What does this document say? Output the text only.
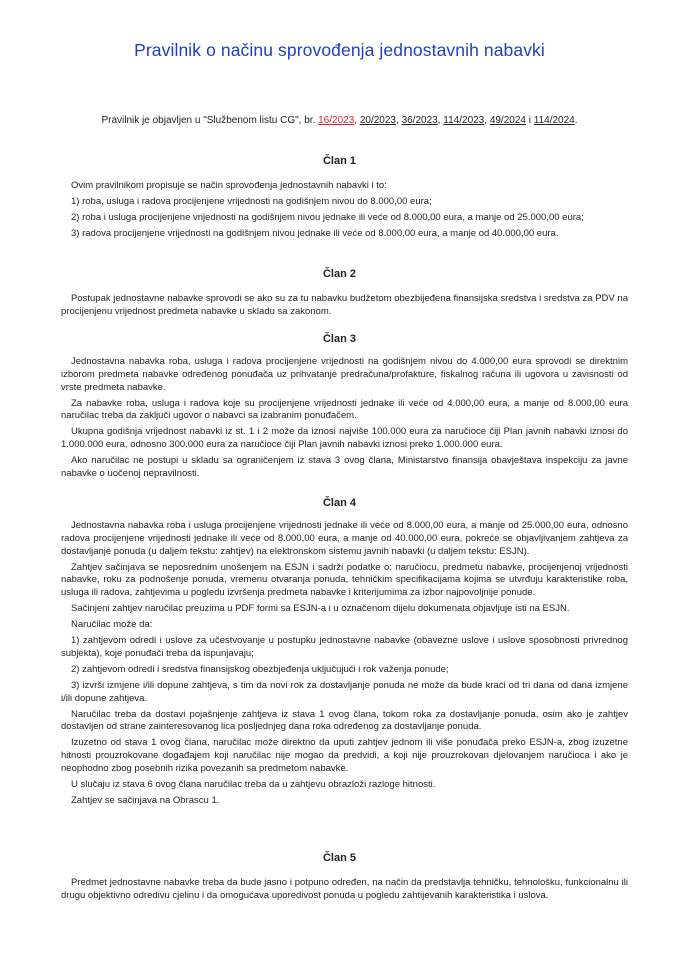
Pravilnik o načinu sprovođenja jednostavnih nabavki
Pravilnik je objavljen u "Službenom listu CG", br. 16/2023, 20/2023, 36/2023, 114/2023, 49/2024 i 114/2024.
Član 1

Ovim pravilnikom propisuje se način sprovođenja jednostavnih nabavki i to:

1) roba, usluga i radova procijenjene vrijednosti na godišnjem nivou do 8.000,00 eura;

2) roba i usluga procijenjene vrijednosti na godišnjem nivou jednake ili veće od 8.000,00 eura, a manje od 25.000,00 eura;

3) radova procijenjene vrijednosti na godišnjem nivou jednake ili veće od 8.000,00 eura, a manje od 40.000,00 eura.

Član 2

Postupak jednostavne nabavke sprovodi se ako su za tu nabavku budžetom obezbijeđena finansijska sredstva i sredstva za PDV na procijenjenu vrijednost predmeta nabavke u skladu sa zakonom.

Član 3

Jednostavna nabavka roba, usluga i radova procijenjene vrijednosti na godišnjem nivou do 4.000,00 eura sprovodi se direktnim izborom predmeta nabavke određenog ponuđača uz prihvatanje predračuna/profakture, fiskalnog računa ili ugovora u zavisnosti od vrste predmeta nabavke.

Za nabavke roba, usluga i radova koje su procijenjene vrijednosti jednake ili veće od 4.000,00 eura, a manje od 8.000,00 eura naručilac treba da zaključi ugovor o nabavci sa izabranim ponuđačem.

Ukupna godišnja vrijednost nabavki iz st. 1 i 2 može da iznosi najviše 100.000 eura za naručioce čiji Plan javnih nabavki iznosi do 1.000.000 eura, odnosno 300.000 eura za naručioce čiji Plan javnih nabavki iznosi preko 1.000.000 eura.

Ako naručilac ne postupi u skladu sa ograničenjem iz stava 3 ovog člana, Ministarstvo finansija obavještava inspekciju za javne nabavke o uočenoj nepravilnosti.

Član 4

Jednostavna nabavka roba i usluga procijenjene vrijednosti jednake ili veće od 8.000,00 eura, a manje od 25.000,00 eura, odnosno radova procijenjene vrijednosti jednake ili veće od 8.000,00 eura, a manje od 40.000,00 eura, pokreće se objavljivanjem zahtjeva za dostavljanje ponuda (u daljem tekstu: zahtjev) na elektronskom sistemu javnih nabavki (u daljem tekstu: ESJN).

Zahtjev sačinjava se neposrednim unošenjem na ESJN i sadrži podatke o: naručiocu, predmetu nabavke, procijenjenoj vrijednosti nabavke, roku za podnošenje ponuda, vremenu otvaranja ponuda, tehničkim specifikacijama kojima se utvrđuju karakteristike roba, usluga ili radova, zahtjevima u pogledu izvršenja predmeta nabavke i kriterijumima za izbor najpovoljnije ponude.

Sačinjeni zahtjev naručilac preuzima u PDF formi sa ESJN-a i u označenom dijelu dokumenata objavljuje isti na ESJN.

Naručilac može da:

1) zahtjevom odredi i uslove za učestvovanje u postupku jednostavne nabavke (obavezne uslove i uslove sposobnosti privrednog subjekta), koje ponuđači treba da ispunjavaju;

2) zahtjevom odredi i sredstva finansijskog obezbjeđenja uključujući i rok važenja ponude;

3) izvrši izmjene i/ili dopune zahtjeva, s tim da novi rok za dostavljanje ponuda ne može da bude kraći od tri dana od dana izmjene i/ili dopune zahtjeva.

Naručilac treba da dostavi pojašnjenje zahtjeva iz stava 1 ovog člana, tokom roka za dostavljanje ponuda, osim ako je zahtjev dostavljen od strane zainteresovanog lica posljednjeg dana roka određenog za dostavljanje ponuda.

Izuzetno od stava 1 ovog člana, naručilac može direktno da uputi zahtjev jednom ili više ponuđača preko ESJN-a, zbog izuzetne hitnosti prouzrokovane događajem koji naručilac nije mogao da predvidi, a koji nije prouzrokovan djelovanjem naručioca i ako je neophodno zbog posebnih rizika povezanih sa predmetom nabavke.

U slučaju iz stava 6 ovog člana naručilac treba da u zahtjevu obrazloži razloge hitnosti.

Zahtjev se sačinjava na Obrascu 1.

Član 5

Predmet jednostavne nabavke treba da bude jasno i potpuno određen, na način da predstavlja tehničku, tehnološku, funkcionalnu ili drugu objektivno odredivu cjelinu i da omogućava uporedivost ponuda u pogledu zahtijevanih karakteristika i uslova.
